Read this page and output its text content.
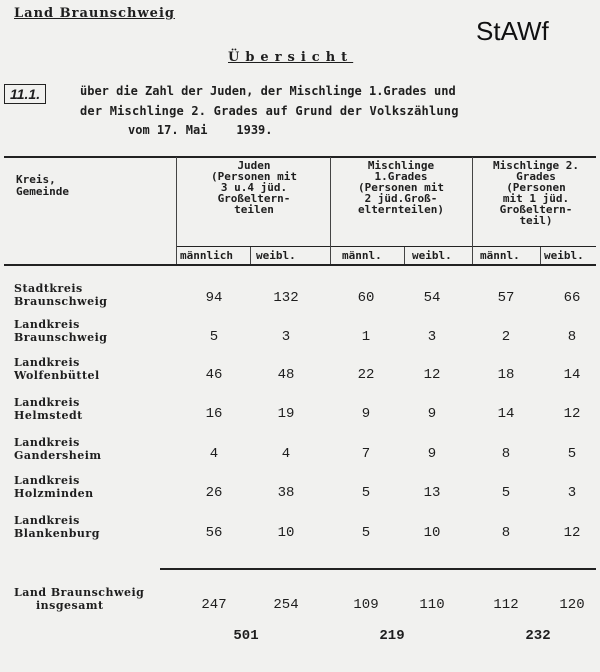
Land Braunschweig
StAWf
Übersicht
11.1.	über die Zahl der Juden, der Mischlinge 1.Grades und
der Mischlinge 2. Grades auf Grund der Volkszählung
vom 17. Mai    1939.
Kreis,
Gemeinde
Juden
(Personen mit
3 u.4 jüd.
Großeltern-
teilen
Mischlinge
1.Grades
(Personen mit
2 jüd.Groß-
elternteilen)
Mischlinge 2.
Grades
(Personen
mit 1 jüd.
Großeltern-
teil)
männlich weibl.	männl.	weibl.	männl. weibl.
Stadtkreis
Braunschweig	94	132	60	54	57	66
Landkreis
Braunschweig	5	3	1	3	2	8
Landkreis
Wolfenbüttel	46	48	22	12	18	14
Landkreis
Helmstedt	16	19	9	9	14	12
Landkreis
Gandersheim	4	4	7	9	8	5
Landkreis
Holzminden	26	38	5	13	5	3
Landkreis
Blankenburg	56	10	5	10	8	12
Land Braunschweig
insgesamt	247	254	109	110	112	120
501	219	232
